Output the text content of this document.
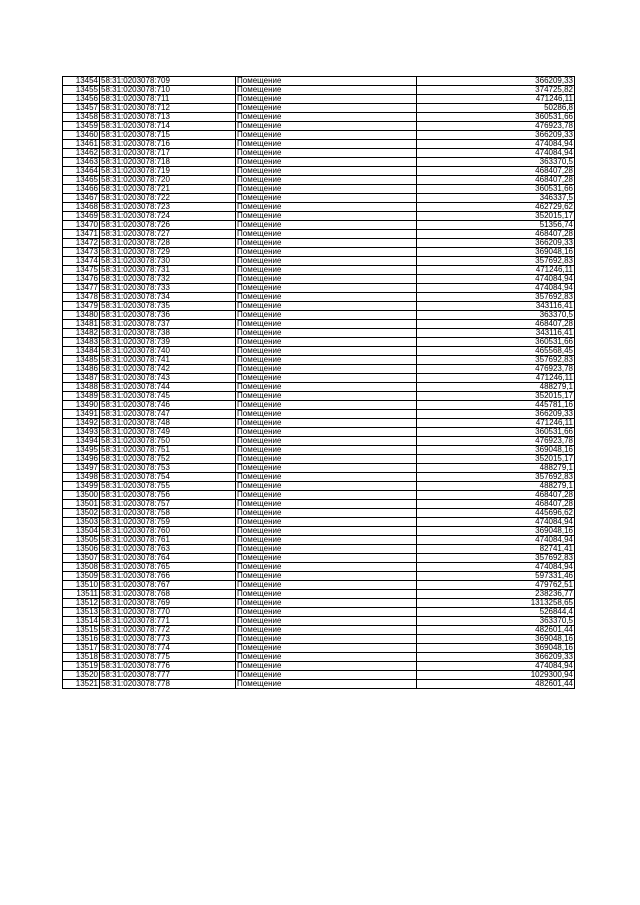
13454	58:31:0203078:709	Помещение	366209,33
13455	58:31:0203078:710	Помещение	374725,82
13456	58:31:0203078:711	Помещение	471246,11
13457	58:31:0203078:712	Помещение	50286,8
13458	58:31:0203078:713	Помещение	360531,66
13459	58:31:0203078:714	Помещение	476923,78
13460	58:31:0203078:715	Помещение	366209,33
13461	58:31:0203078:716	Помещение	474084,94
13462	58:31:0203078:717	Помещение	474084,94
13463	58:31:0203078:718	Помещение	363370,5
13464	58:31:0203078:719	Помещение	468407,28
13465	58:31:0203078:720	Помещение	468407,28
13466	58:31:0203078:721	Помещение	360531,66
13467	58:31:0203078:722	Помещение	346337,5
13468	58:31:0203078:723	Помещение	462729,62
13469	58:31:0203078:724	Помещение	352015,17
13470	58:31:0203078:726	Помещение	51356,74
13471	58:31:0203078:727	Помещение	468407,28
13472	58:31:0203078:728	Помещение	366209,33
13473	58:31:0203078:729	Помещение	369048,16
13474	58:31:0203078:730	Помещение	357692,83
13475	58:31:0203078:731	Помещение	471246,11
13476	58:31:0203078:732	Помещение	474084,94
13477	58:31:0203078:733	Помещение	474084,94
13478	58:31:0203078:734	Помещение	357692,83
13479	58:31:0203078:735	Помещение	343116,41
13480	58:31:0203078:736	Помещение	363370,5
13481	58:31:0203078:737	Помещение	468407,28
13482	58:31:0203078:738	Помещение	343116,41
13483	58:31:0203078:739	Помещение	360531,66
13484	58:31:0203078:740	Помещение	465568,45
13485	58:31:0203078:741	Помещение	357692,83
13486	58:31:0203078:742	Помещение	476923,78
13487	58:31:0203078:743	Помещение	471246,11
13488	58:31:0203078:744	Помещение	488279,1
13489	58:31:0203078:745	Помещение	352015,17
13490	58:31:0203078:746	Помещение	445781,16
13491	58:31:0203078:747	Помещение	366209,33
13492	58:31:0203078:748	Помещение	471246,11
13493	58:31:0203078:749	Помещение	360531,66
13494	58:31:0203078:750	Помещение	476923,78
13495	58:31:0203078:751	Помещение	369048,16
13496	58:31:0203078:752	Помещение	352015,17
13497	58:31:0203078:753	Помещение	488279,1
13498	58:31:0203078:754	Помещение	357692,83
13499	58:31:0203078:755	Помещение	488279,1
13500	58:31:0203078:756	Помещение	468407,28
13501	58:31:0203078:757	Помещение	468407,28
13502	58:31:0203078:758	Помещение	445696,62
13503	58:31:0203078:759	Помещение	474084,94
13504	58:31:0203078:760	Помещение	369048,16
13505	58:31:0203078:761	Помещение	474084,94
13506	58:31:0203078:763	Помещение	82741,41
13507	58:31:0203078:764	Помещение	357692,83
13508	58:31:0203078:765	Помещение	474084,94
13509	58:31:0203078:766	Помещение	597331,46
13510	58:31:0203078:767	Помещение	479762,51
13511	58:31:0203078:768	Помещение	238236,77
13512	58:31:0203078:769	Помещение	1313258,65
13513	58:31:0203078:770	Помещение	526844,4
13514	58:31:0203078:771	Помещение	363370,5
13515	58:31:0203078:772	Помещение	482601,44
13516	58:31:0203078:773	Помещение	369048,16
13517	58:31:0203078:774	Помещение	369048,16
13518	58:31:0203078:775	Помещение	366209,33
13519	58:31:0203078:776	Помещение	474084,94
13520	58:31:0203078:777	Помещение	1029300,94
13521	58:31:0203078:778	Помещение	482601,44
